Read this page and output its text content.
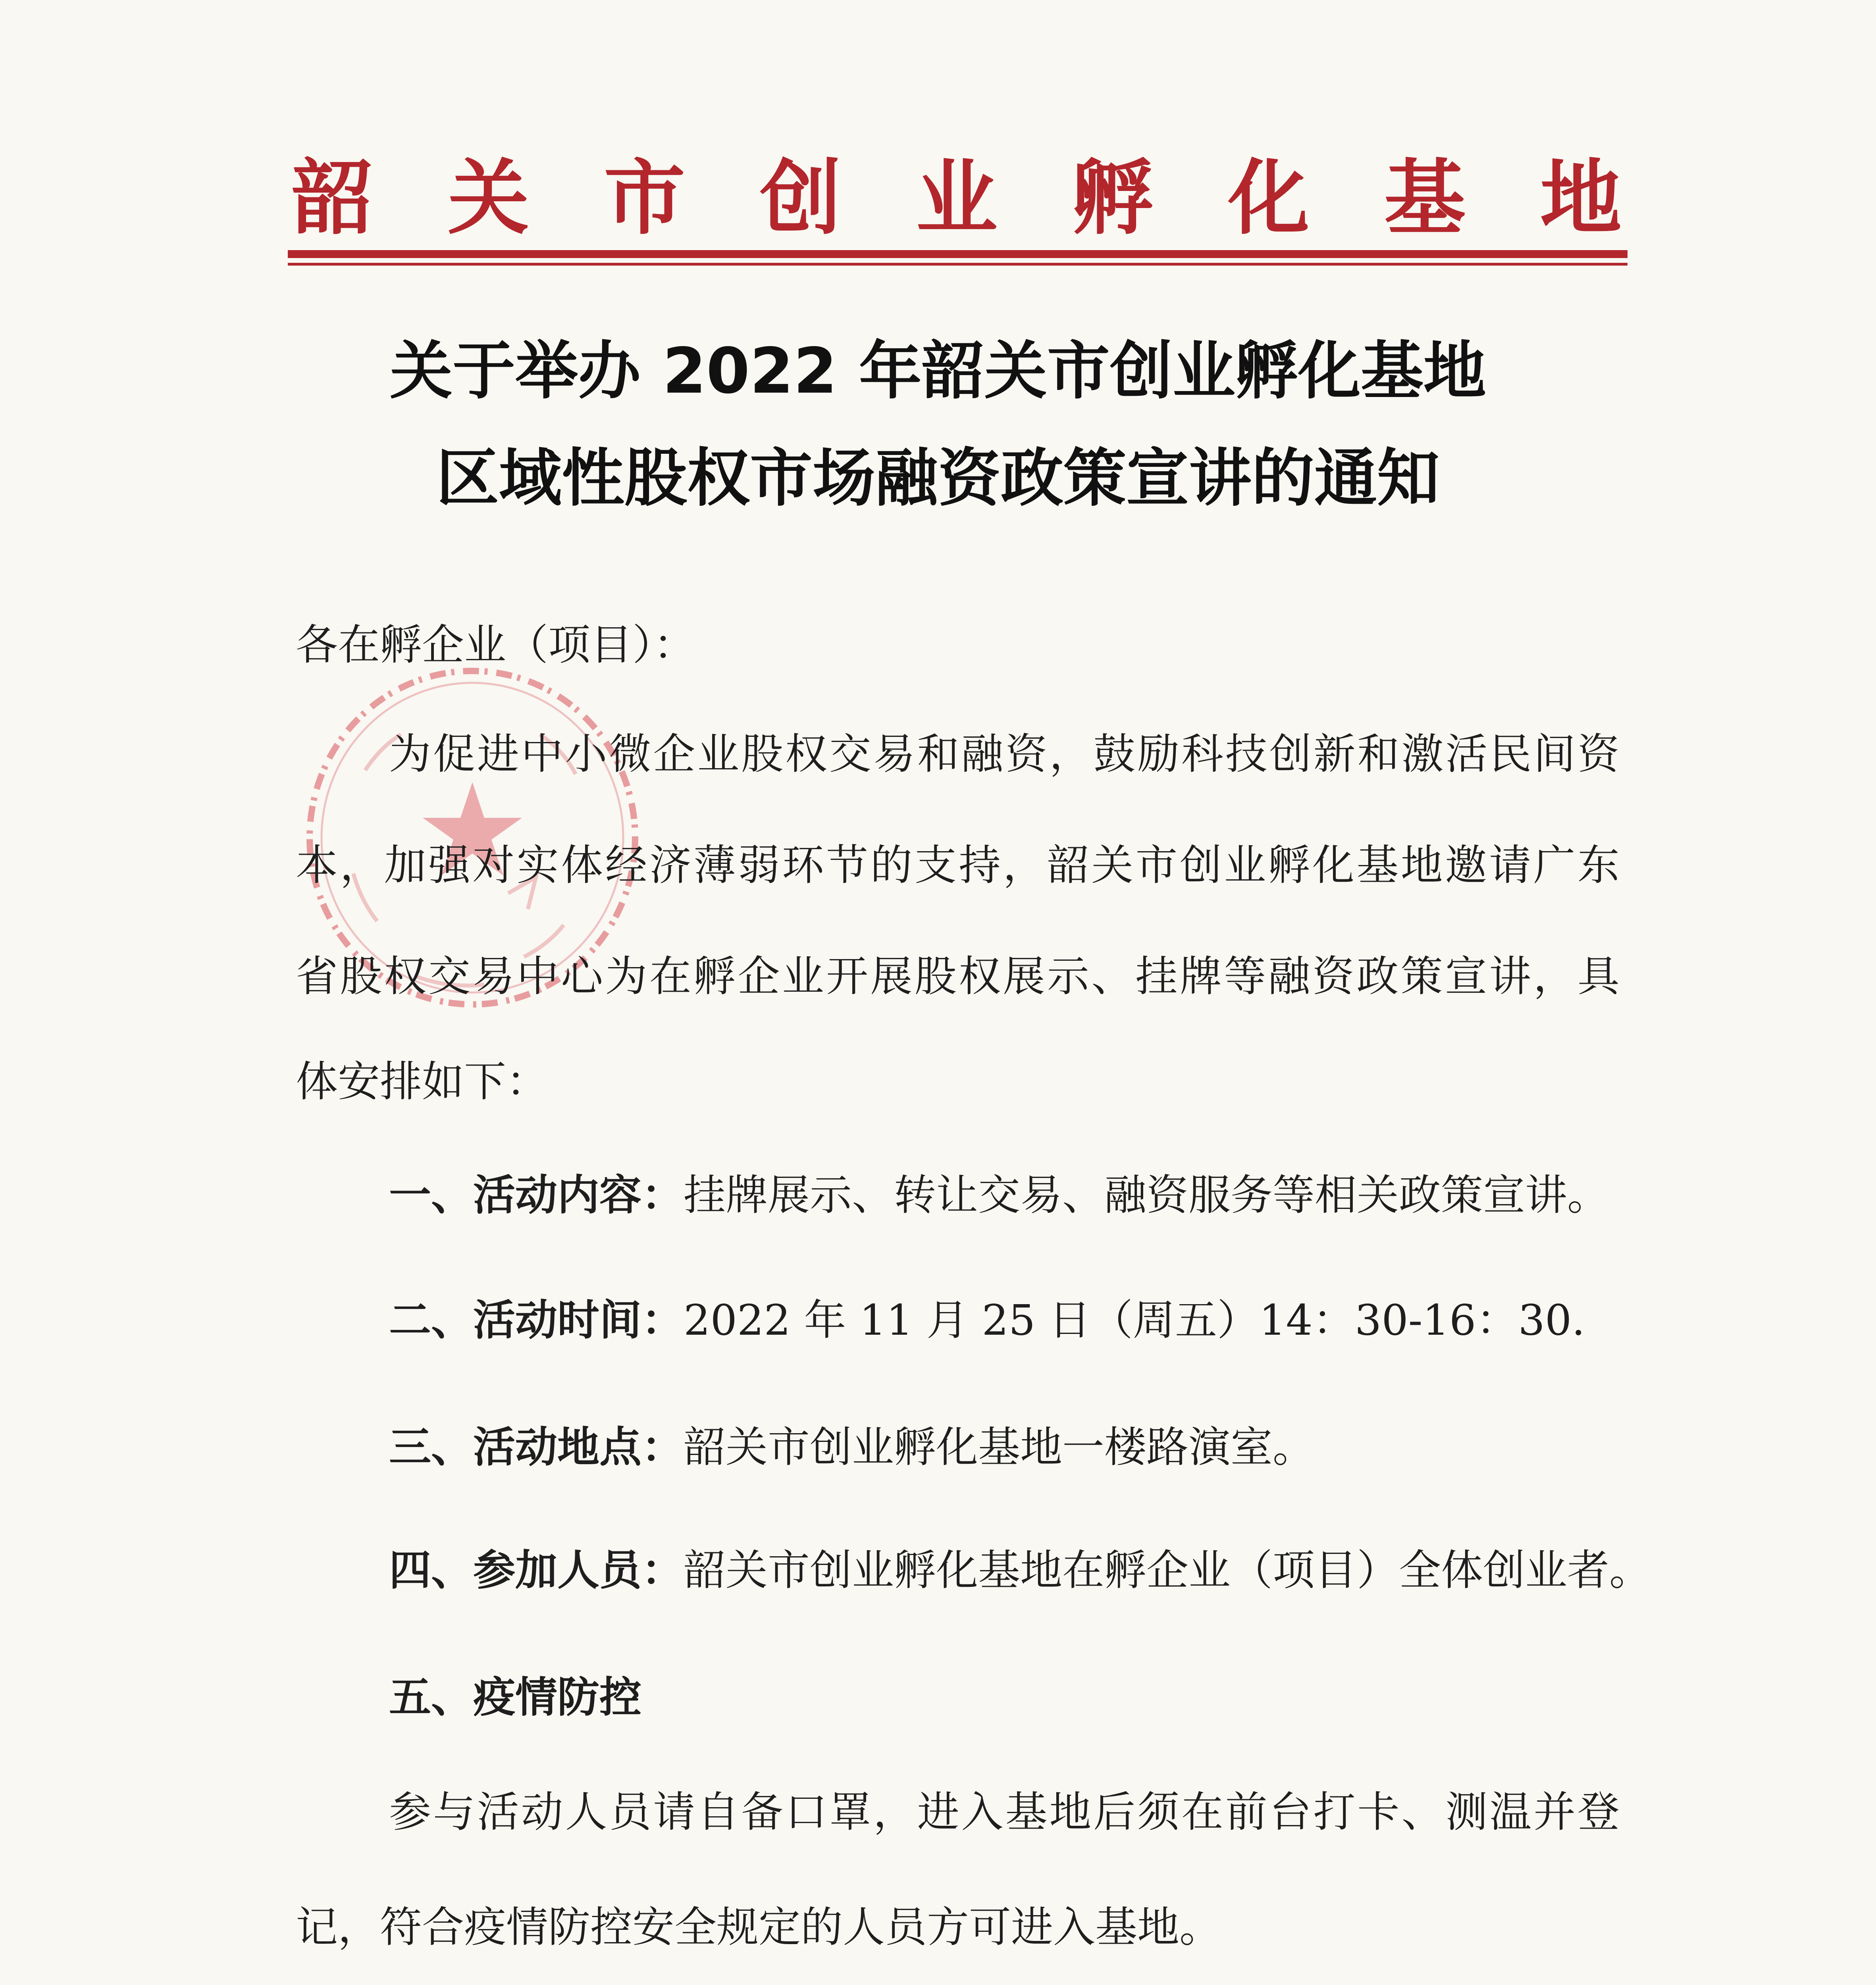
韶 关 市 创 业 孵 化 基 地
关于举办 2022 年韶关市创业孵化基地
区域性股权市场融资政策宣讲的通知
各在孵企业（项目）：
为促进中小微企业股权交易和融资，鼓励科技创新和激活民间资
本，加强对实体经济薄弱环节的支持，韶关市创业孵化基地邀请广东
省股权交易中心为在孵企业开展股权展示、挂牌等融资政策宣讲，具
体安排如下：
一、活动内容：挂牌展示、转让交易、融资服务等相关政策宣讲。
二、活动时间：2022 年 11 月 25 日（周五）14：30-16：30.
三、活动地点：韶关市创业孵化基地一楼路演室。
四、参加人员：韶关市创业孵化基地在孵企业（项目）全体创业者。
五、疫情防控
参与活动人员请自备口罩，进入基地后须在前台打卡、测温并登
记，符合疫情防控安全规定的人员方可进入基地。
